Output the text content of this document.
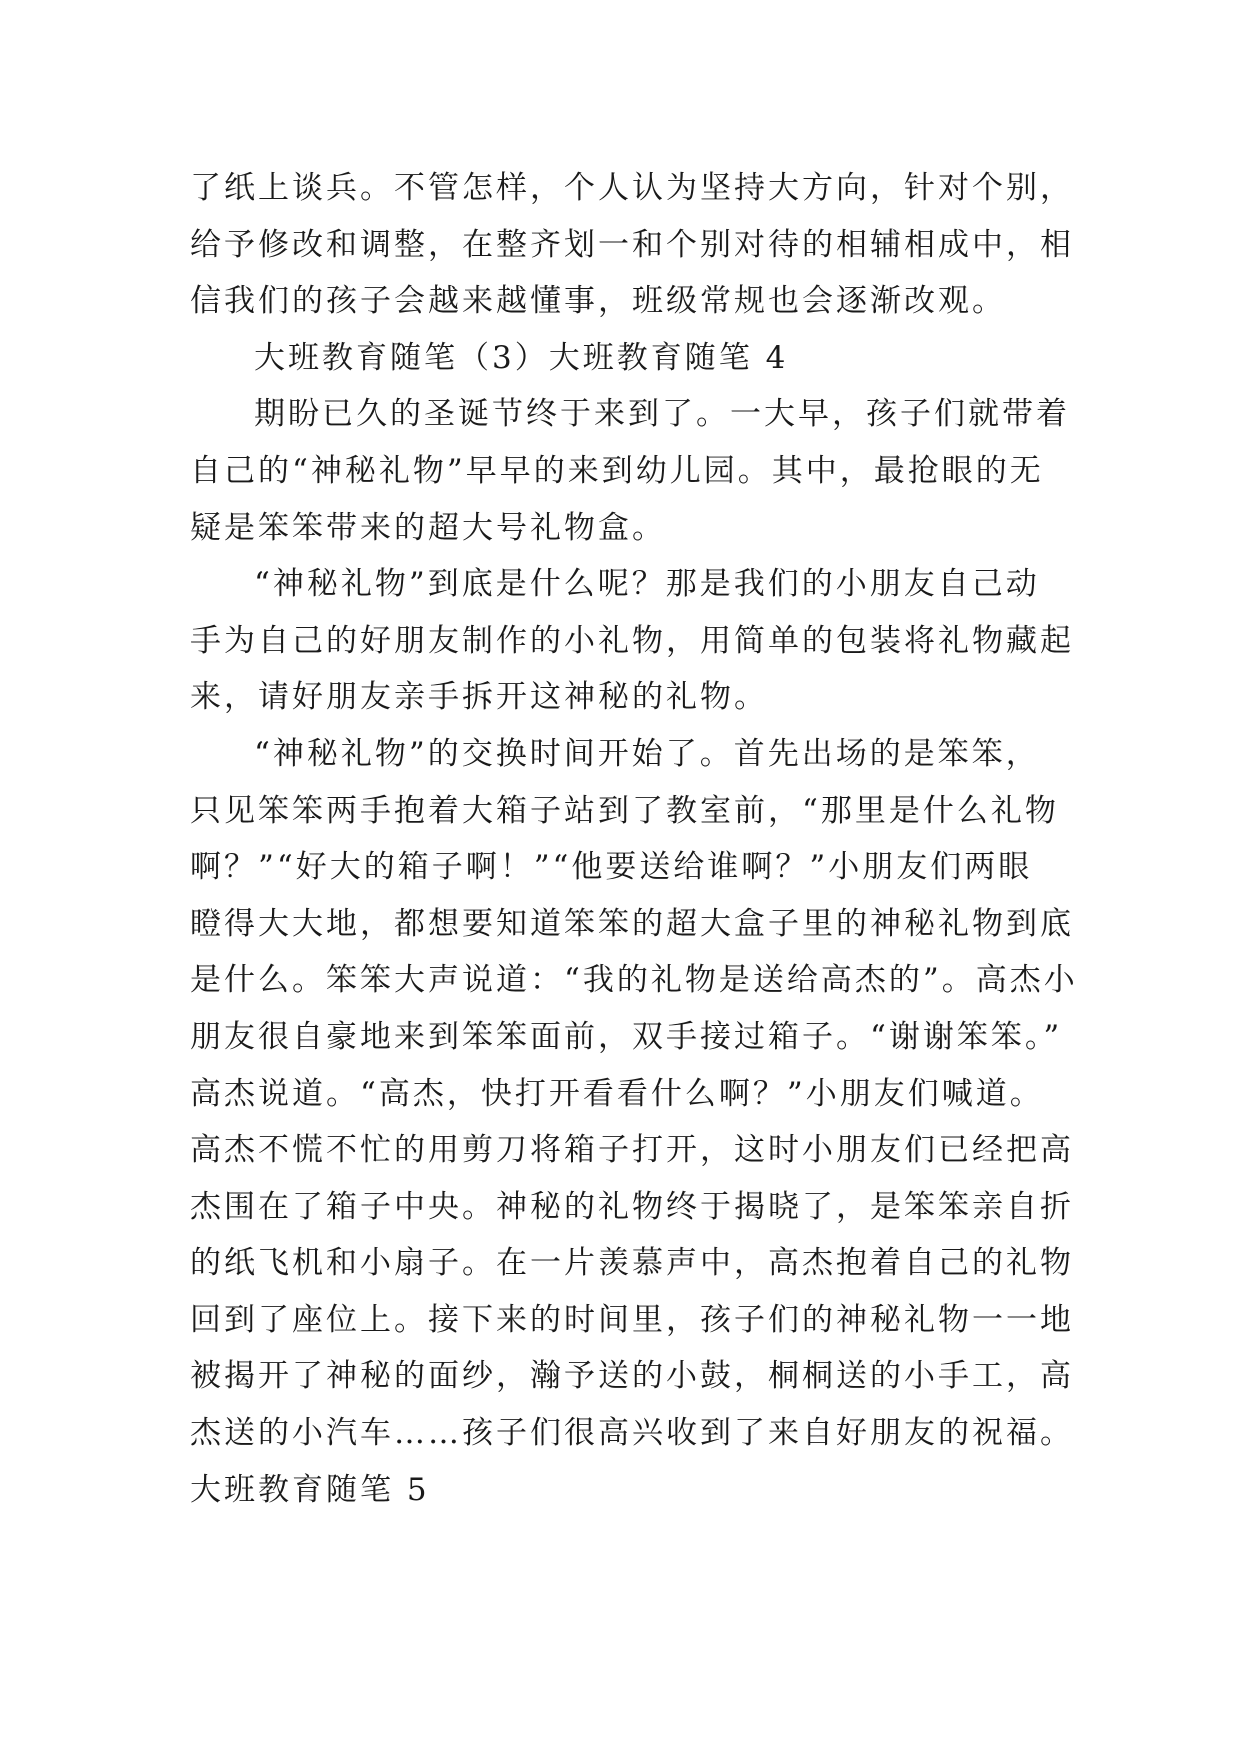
了纸上谈兵。不管怎样，个人认为坚持大方向，针对个别，
给予修改和调整，在整齐划一和个别对待的相辅相成中，相
信我们的孩子会越来越懂事，班级常规也会逐渐改观。
大班教育随笔（3）大班教育随笔 4
期盼已久的圣诞节终于来到了。一大早，孩子们就带着
自己的“神秘礼物”早早的来到幼儿园。其中，最抢眼的无
疑是笨笨带来的超大号礼物盒。
“神秘礼物”到底是什么呢？那是我们的小朋友自己动
手为自己的好朋友制作的小礼物，用简单的包装将礼物藏起
来，请好朋友亲手拆开这神秘的礼物。
“神秘礼物”的交换时间开始了。首先出场的是笨笨，
只见笨笨两手抱着大箱子站到了教室前，“那里是什么礼物
啊？”“好大的箱子啊！”“他要送给谁啊？”小朋友们两眼
瞪得大大地，都想要知道笨笨的超大盒子里的神秘礼物到底
是什么。笨笨大声说道：“我的礼物是送给高杰的”。高杰小
朋友很自豪地来到笨笨面前，双手接过箱子。“谢谢笨笨。”
高杰说道。“高杰，快打开看看什么啊？”小朋友们喊道。
高杰不慌不忙的用剪刀将箱子打开，这时小朋友们已经把高
杰围在了箱子中央。神秘的礼物终于揭晓了，是笨笨亲自折
的纸飞机和小扇子。在一片羡慕声中，高杰抱着自己的礼物
回到了座位上。接下来的时间里，孩子们的神秘礼物一一地
被揭开了神秘的面纱，瀚予送的小鼓，桐桐送的小手工，高
杰送的小汽车……孩子们很高兴收到了来自好朋友的祝福。
大班教育随笔 5
